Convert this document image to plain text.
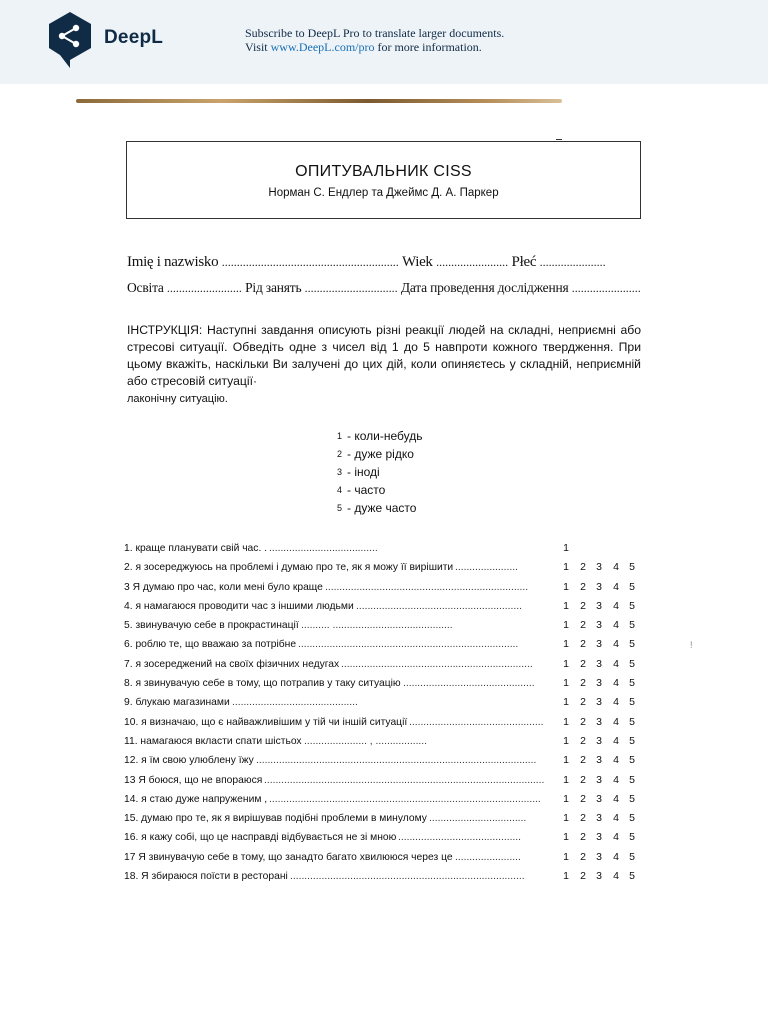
DeepL	Subscribe to DeepL Pro to translate larger documents.
Visit www.DeepL.com/pro for more information.
ОПИТУВАЛЬНИК CISS
Норман С. Ендлер та Джеймс Д. А. Паркер
Imię i nazwisko ........................................................... Wiek ........................ Płeć ......................
Освіта ......................... Рід занять ............................... Дата проведення дослідження .......................
ІНСТРУКЦІЯ: Наступні завдання описують різні реакції людей на складні, неприємні або стресові ситуації. Обведіть одне з чисел від 1 до 5 навпроти кожного твердження. При цьому вкажіть, наскільки Ви залучені до цих дій, коли опиняєтесь у складній, неприємній або стресовій ситуації·
лаконічну ситуацію.
1 - коли-небудь
2 - дуже рідко
3 - іноді
4 - часто
5 - дуже часто
1. краще планувати свій час. . ......................................	1
2. я зосереджуюсь на проблемі і думаю про те, як я можу її вирішити ......................	1 2 3 4 5
3 Я думаю про час, коли мені було краще .......................................................................	1 2 3 4 5
4. я намагаюся проводити час з іншими людьми ..........................................................	1 2 3 4 5
5. звинувачую себе в прокрастинації .......... ..........................................	1 2 3 4 5
6. роблю те, що вважаю за потрібне .............................................................................	1 2 3 4 5
7. я зосереджений на своїх фізичних недугах ...................................................................	1 2 3 4 5
8. я звинувачую себе в тому, що потрапив у таку ситуацію ..............................................	1 2 3 4 5
9. блукаю магазинами ............................................	1 2 3 4 5
10. я визначаю, що є найважливішим у тій чи іншій ситуації ...............................................	1 2 3 4 5
11. намагаюся вкласти спати шістьох ...................... , ..................	1 2 3 4 5
12. я їм свою улюблену їжу ..................................................................................................	1 2 3 4 5
13 Я боюся, що не впораюся ..................................................................................................	1 2 3 4 5
14. я стаю дуже напруженим , ...............................................................................................	1 2 3 4 5
15. думаю про те, як я вирішував подібні проблеми в минулому ..................................	1 2 3 4 5
16. я кажу собі, що це насправді відбувається не зі мною ...........................................	1 2 3 4 5
17 Я звинувачую себе в тому, що занадто багато хвилююся через це .......................	1 2 3 4 5
18. Я збираюся поїсти в ресторані ..................................................................................	1 2 3 4 5
!
